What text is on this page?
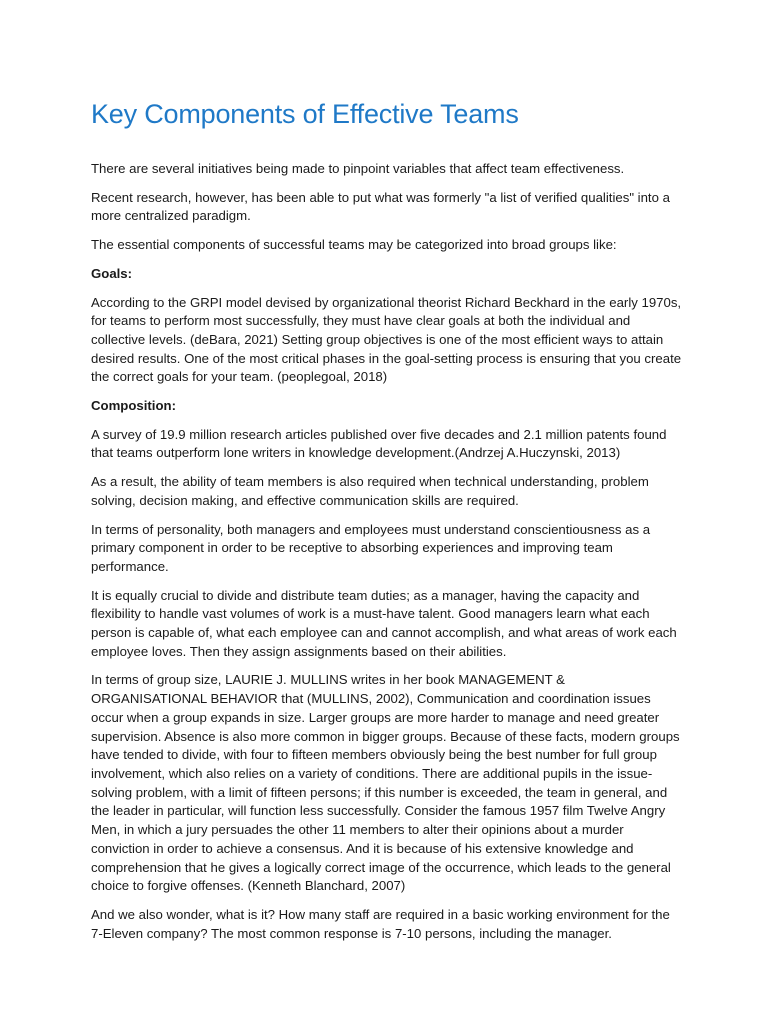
Key Components of Effective Teams

There are several initiatives being made to pinpoint variables that affect team effectiveness.

Recent research, however, has been able to put what was formerly "a list of verified qualities" into a more centralized paradigm.

The essential components of successful teams may be categorized into broad groups like:

Goals:

According to the GRPI model devised by organizational theorist Richard Beckhard in the early 1970s, for teams to perform most successfully, they must have clear goals at both the individual and collective levels. (deBara, 2021) Setting group objectives is one of the most efficient ways to attain desired results. One of the most critical phases in the goal-setting process is ensuring that you create the correct goals for your team. (peoplegoal, 2018)

Composition:

A survey of 19.9 million research articles published over five decades and 2.1 million patents found that teams outperform lone writers in knowledge development.(Andrzej A.Huczynski, 2013)

As a result, the ability of team members is also required when technical understanding, problem solving, decision making, and effective communication skills are required.

In terms of personality, both managers and employees must understand conscientiousness as a primary component in order to be receptive to absorbing experiences and improving team performance.

It is equally crucial to divide and distribute team duties; as a manager, having the capacity and flexibility to handle vast volumes of work is a must-have talent. Good managers learn what each person is capable of, what each employee can and cannot accomplish, and what areas of work each employee loves. Then they assign assignments based on their abilities.

In terms of group size, LAURIE J. MULLINS writes in her book MANAGEMENT & ORGANISATIONAL BEHAVIOR that (MULLINS, 2002), Communication and coordination issues occur when a group expands in size. Larger groups are more harder to manage and need greater supervision. Absence is also more common in bigger groups. Because of these facts, modern groups have tended to divide, with four to fifteen members obviously being the best number for full group involvement, which also relies on a variety of conditions. There are additional pupils in the issue-solving problem, with a limit of fifteen persons; if this number is exceeded, the team in general, and the leader in particular, will function less successfully. Consider the famous 1957 film Twelve Angry Men, in which a jury persuades the other 11 members to alter their opinions about a murder conviction in order to achieve a consensus. And it is because of his extensive knowledge and comprehension that he gives a logically correct image of the occurrence, which leads to the general choice to forgive offenses. (Kenneth Blanchard, 2007)

And we also wonder, what is it? How many staff are required in a basic working environment for the 7-Eleven company? The most common response is 7-10 persons, including the manager.
